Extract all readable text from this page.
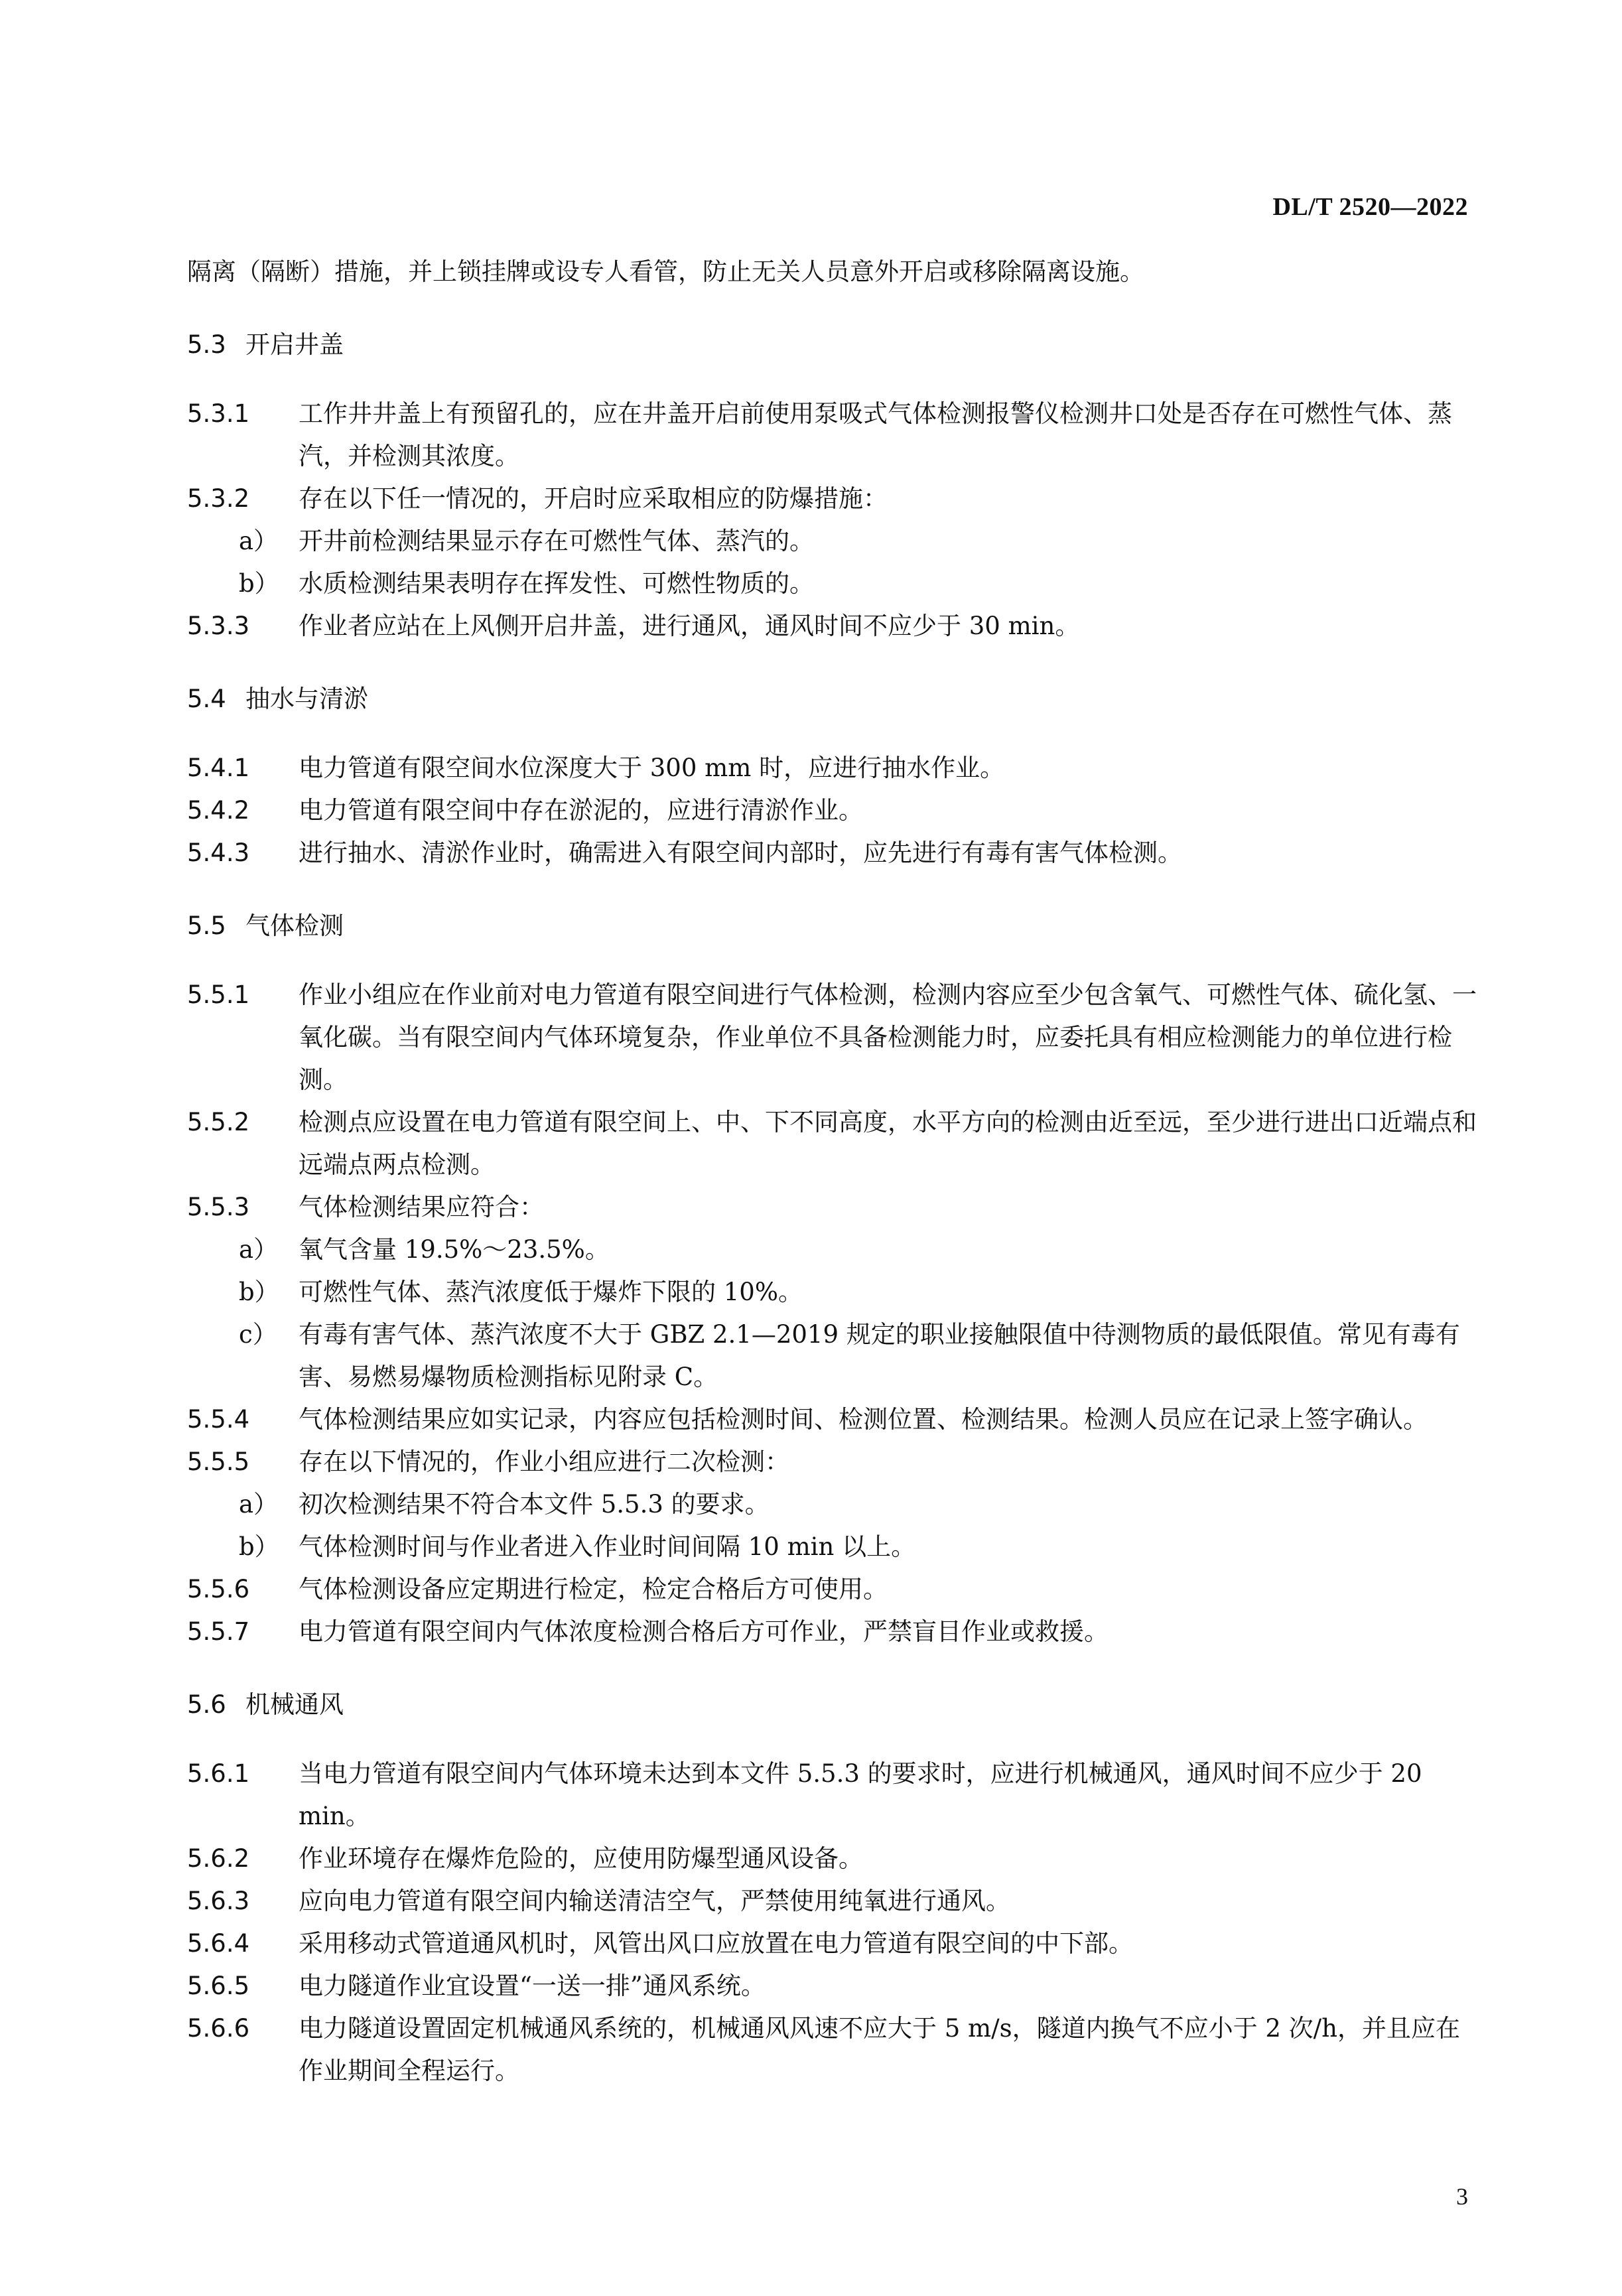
DL/T 2520—2022

隔离（隔断）措施，并上锁挂牌或设专人看管，防止无关人员意外开启或移除隔离设施。

5.3 开启井盖

5.3.1 工作井井盖上有预留孔的，应在井盖开启前使用泵吸式气体检测报警仪检测井口处是否存在可燃性气体、蒸汽，并检测其浓度。

5.3.2 存在以下任一情况的，开启时应采取相应的防爆措施：

a） 开井前检测结果显示存在可燃性气体、蒸汽的。

b） 水质检测结果表明存在挥发性、可燃性物质的。

5.3.3 作业者应站在上风侧开启井盖，进行通风，通风时间不应少于 30 min。

5.4 抽水与清淤

5.4.1 电力管道有限空间水位深度大于 300 mm 时，应进行抽水作业。

5.4.2 电力管道有限空间中存在淤泥的，应进行清淤作业。

5.4.3 进行抽水、清淤作业时，确需进入有限空间内部时，应先进行有毒有害气体检测。

5.5 气体检测

5.5.1 作业小组应在作业前对电力管道有限空间进行气体检测，检测内容应至少包含氧气、可燃性气体、硫化氢、一氧化碳。当有限空间内气体环境复杂，作业单位不具备检测能力时，应委托具有相应检测能力的单位进行检测。

5.5.2 检测点应设置在电力管道有限空间上、中、下不同高度，水平方向的检测由近至远，至少进行进出口近端点和远端点两点检测。

5.5.3 气体检测结果应符合：

a） 氧气含量 19.5%～23.5%。

b） 可燃性气体、蒸汽浓度低于爆炸下限的 10%。

c） 有毒有害气体、蒸汽浓度不大于 GBZ 2.1—2019 规定的职业接触限值中待测物质的最低限值。常见有毒有害、易燃易爆物质检测指标见附录 C。

5.5.4 气体检测结果应如实记录，内容应包括检测时间、检测位置、检测结果。检测人员应在记录上签字确认。

5.5.5 存在以下情况的，作业小组应进行二次检测：

a） 初次检测结果不符合本文件 5.5.3 的要求。

b） 气体检测时间与作业者进入作业时间间隔 10 min 以上。

5.5.6 气体检测设备应定期进行检定，检定合格后方可使用。

5.5.7 电力管道有限空间内气体浓度检测合格后方可作业，严禁盲目作业或救援。

5.6 机械通风

5.6.1 当电力管道有限空间内气体环境未达到本文件 5.5.3 的要求时，应进行机械通风，通风时间不应少于 20 min。

5.6.2 作业环境存在爆炸危险的，应使用防爆型通风设备。

5.6.3 应向电力管道有限空间内输送清洁空气，严禁使用纯氧进行通风。

5.6.4 采用移动式管道通风机时，风管出风口应放置在电力管道有限空间的中下部。

5.6.5 电力隧道作业宜设置“一送一排”通风系统。

5.6.6 电力隧道设置固定机械通风系统的，机械通风风速不应大于 5 m/s，隧道内换气不应小于 2 次/h，并且应在作业期间全程运行。

3
